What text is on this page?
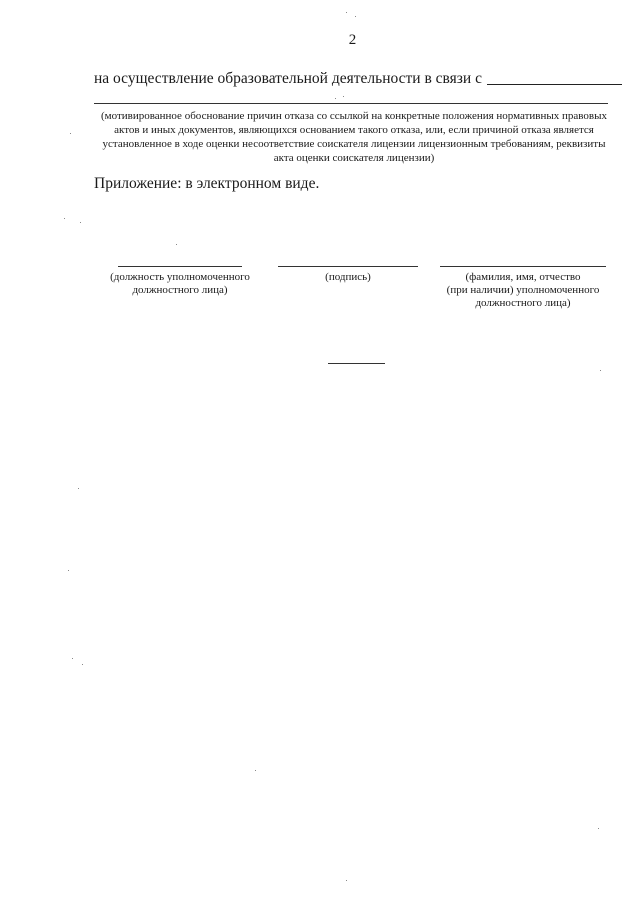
2
на осуществление образовательной деятельности в связи с
(мотивированное обоснование причин отказа со ссылкой на конкретные положения нормативных правовых актов и иных документов, являющихся основанием такого отказа, или, если причиной отказа является установленное в ходе оценки несоответствие соискателя лицензии лицензионным требованиям, реквизиты акта оценки соискателя лицензии)
Приложение: в электронном виде.
(должность уполномоченного
должностного лица)
(подпись)	(фамилия, имя, отчество
(при наличии) уполномоченного
должностного лица)
